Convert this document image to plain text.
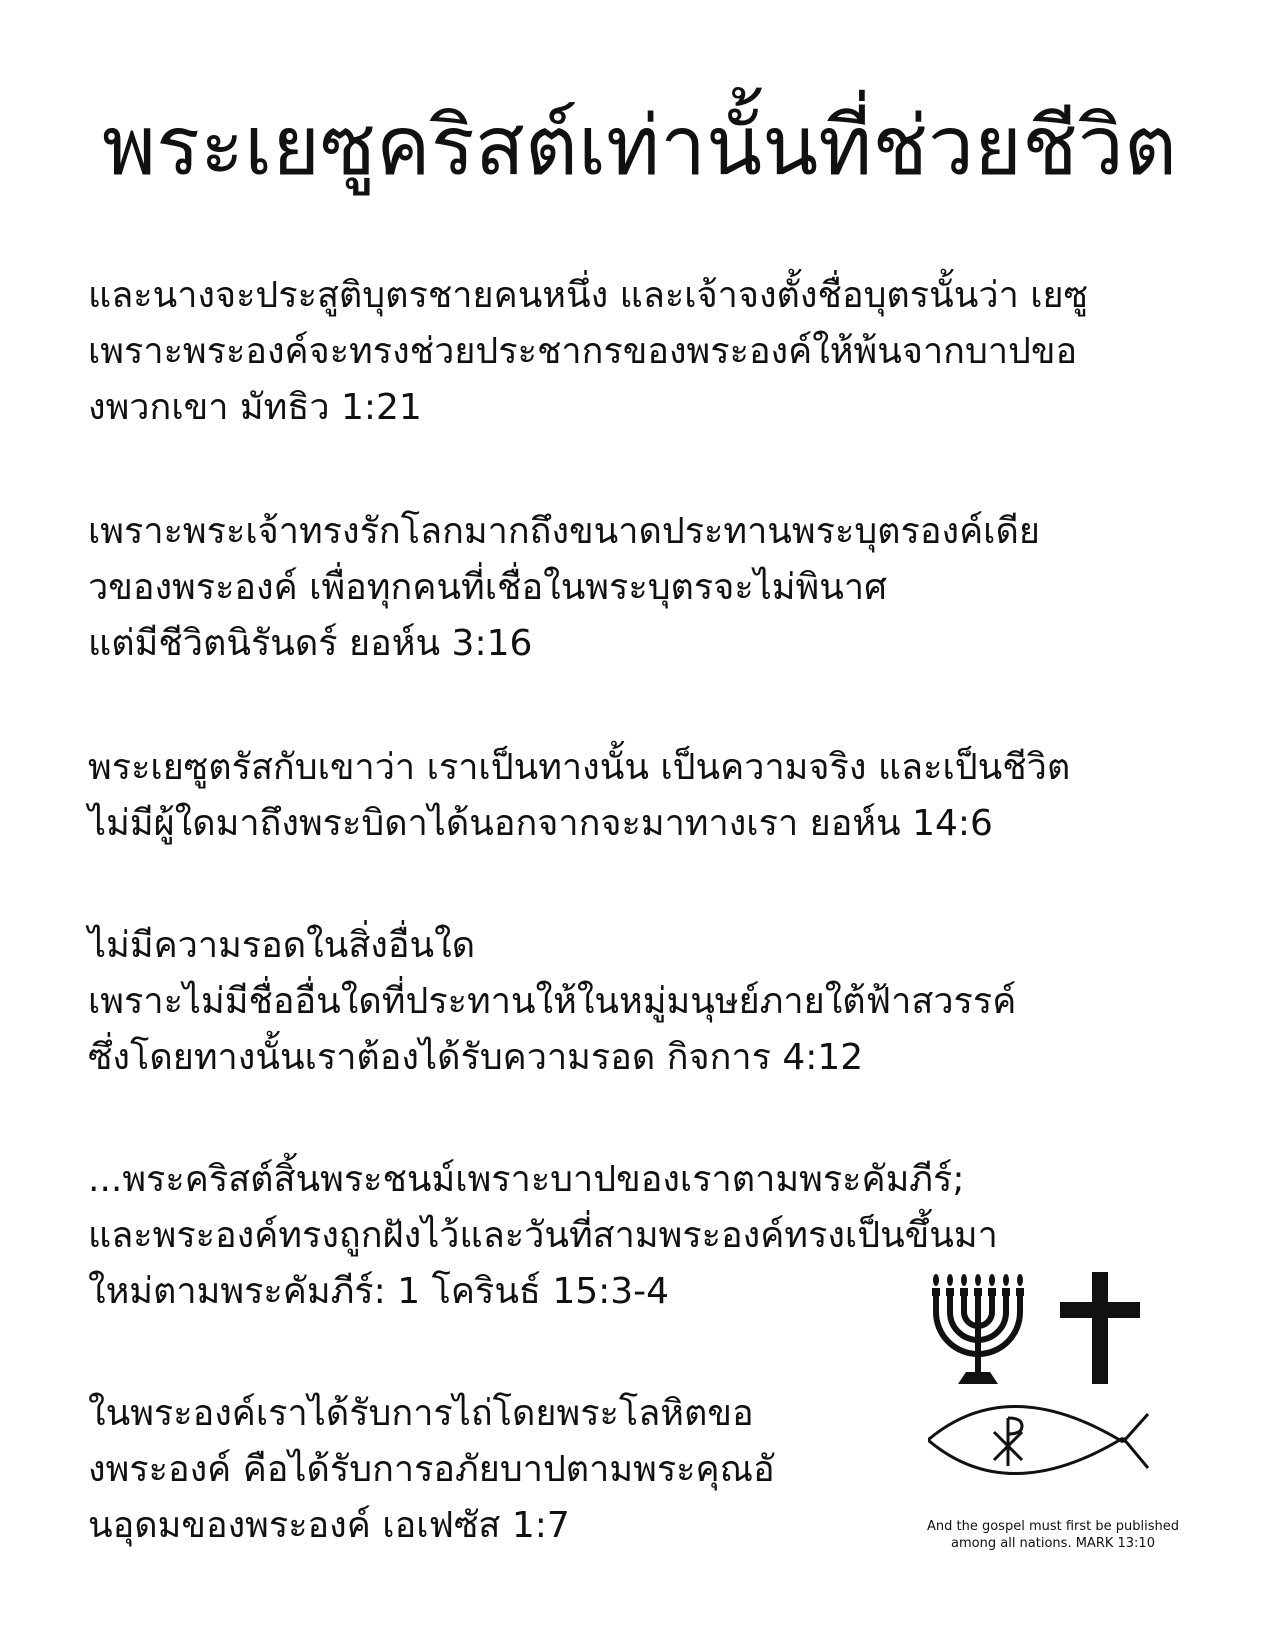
พระเยซูคริสต์เท่านั้นที่ช่วยชีวิต
และนางจะประสูติบุตรชายคนหนึ่ง และเจ้าจงตั้งชื่อบุตรนั้นว่า เยซู
เพราะพระองค์จะทรงช่วยประชากรของพระองค์ให้พ้นจากบาปขอ
งพวกเขา มัทธิว 1:21
เพราะพระเจ้าทรงรักโลกมากถึงขนาดประทานพระบุตรองค์เดีย
วของพระองค์ เพื่อทุกคนที่เชื่อในพระบุตรจะไม่พินาศ
แต่มีชีวิตนิรันดร์ ยอห์น 3:16
พระเยซูตรัสกับเขาว่า เราเป็นทางนั้น เป็นความจริง และเป็นชีวิต
ไม่มีผู้ใดมาถึงพระบิดาได้นอกจากจะมาทางเรา ยอห์น 14:6
ไม่มีความรอดในสิ่งอื่นใด
เพราะไม่มีชื่ออื่นใดที่ประทานให้ในหมู่มนุษย์ภายใต้ฟ้าสวรรค์
ซึ่งโดยทางนั้นเราต้องได้รับความรอด กิจการ 4:12
...พระคริสต์สิ้นพระชนม์เพราะบาปของเราตามพระคัมภีร์;
และพระองค์ทรงถูกฝังไว้และวันที่สามพระองค์ทรงเป็นขึ้นมา
ใหม่ตามพระคัมภีร์: 1 โครินธ์ 15:3-4
ในพระองค์เราได้รับการไถ่โดยพระโลหิตขอ
งพระองค์ คือได้รับการอภัยบาปตามพระคุณอั
นอุดมของพระองค์ เอเฟซัส 1:7	And the gospel must first be published
among all nations. MARK 13:10
